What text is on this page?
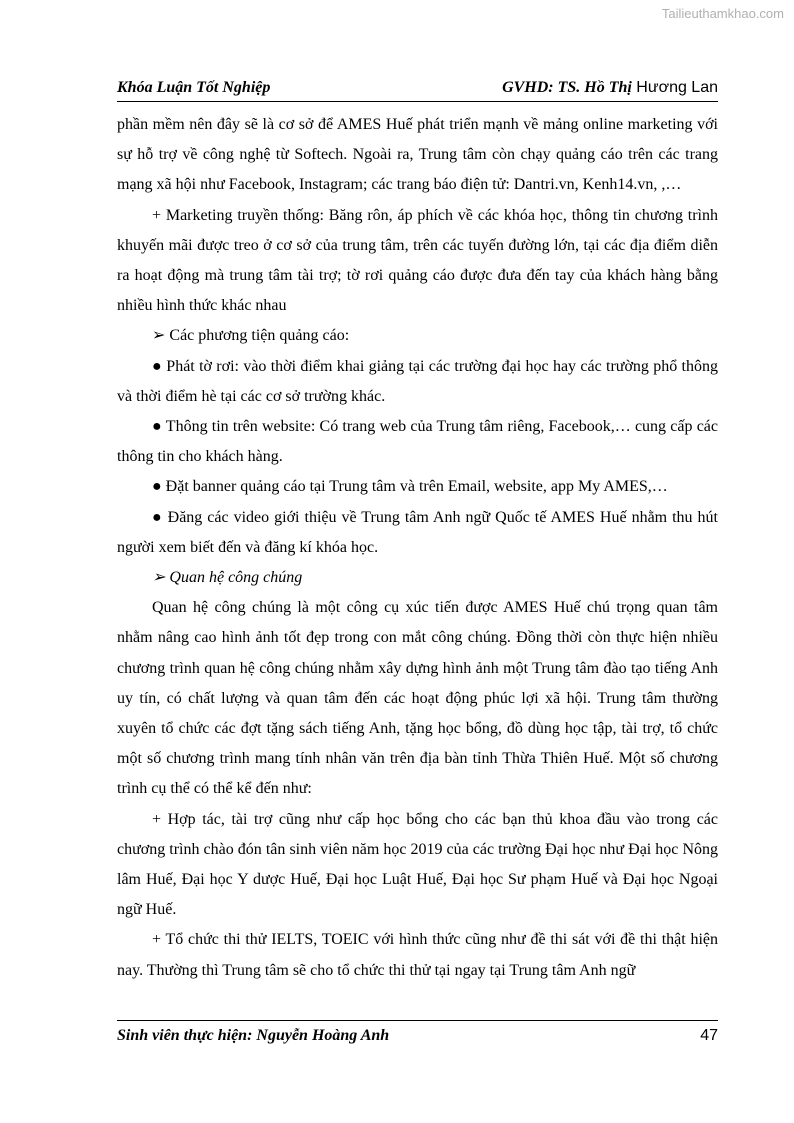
Tailieuthamkhao.com
Khóa Luận Tốt Nghiệp	GVHD: TS. Hồ Thị Hương Lan

phần mềm nên đây sẽ là cơ sở để AMES Huế phát triển mạnh về mảng online marketing với sự hỗ trợ về công nghệ từ Softech. Ngoài ra, Trung tâm còn chạy quảng cáo trên các trang mạng xã hội như Facebook, Instagram; các trang báo điện tử: Dantri.vn, Kenh14.vn, ,…

+ Marketing truyền thống: Băng rôn, áp phích về các khóa học, thông tin chương trình khuyến mãi được treo ở cơ sở của trung tâm, trên các tuyến đường lớn, tại các địa điểm diễn ra hoạt động mà trung tâm tài trợ; tờ rơi quảng cáo được đưa đến tay của khách hàng bằng nhiều hình thức khác nhau

➢ Các phương tiện quảng cáo:

● Phát tờ rơi: vào thời điểm khai giảng tại các trường đại học hay các trường phổ thông và thời điểm hè tại các cơ sở trường khác.

● Thông tin trên website: Có trang web của Trung tâm riêng, Facebook,… cung cấp các thông tin cho khách hàng.

● Đặt banner quảng cáo tại Trung tâm và trên Email, website, app My AMES,…

● Đăng các video giới thiệu về Trung tâm Anh ngữ Quốc tế AMES Huế nhằm thu hút người xem biết đến và đăng kí khóa học.

➢ Quan hệ công chúng

Quan hệ công chúng là một công cụ xúc tiến được AMES Huế chú trọng quan tâm nhằm nâng cao hình ảnh tốt đẹp trong con mắt công chúng. Đồng thời còn thực hiện nhiều chương trình quan hệ công chúng nhằm xây dựng hình ảnh một Trung tâm đào tạo tiếng Anh uy tín, có chất lượng và quan tâm đến các hoạt động phúc lợi xã hội. Trung tâm thường xuyên tổ chức các đợt tặng sách tiếng Anh, tặng học bổng, đồ dùng học tập, tài trợ, tổ chức một số chương trình mang tính nhân văn trên địa bàn tỉnh Thừa Thiên Huế. Một số chương trình cụ thể có thể kể đến như:

+ Hợp tác, tài trợ cũng như cấp học bổng cho các bạn thủ khoa đầu vào trong các chương trình chào đón tân sinh viên năm học 2019 của các trường Đại học như Đại học Nông lâm Huế, Đại học Y dược Huế, Đại học Luật Huế, Đại học Sư phạm Huế và Đại học Ngoại ngữ Huế.

+ Tổ chức thi thử IELTS, TOEIC với hình thức cũng như đề thi sát với đề thi thật hiện nay. Thường thì Trung tâm sẽ cho tổ chức thi thử tại ngay tại Trung tâm Anh ngữ

Sinh viên thực hiện: Nguyễn Hoàng Anh	47
